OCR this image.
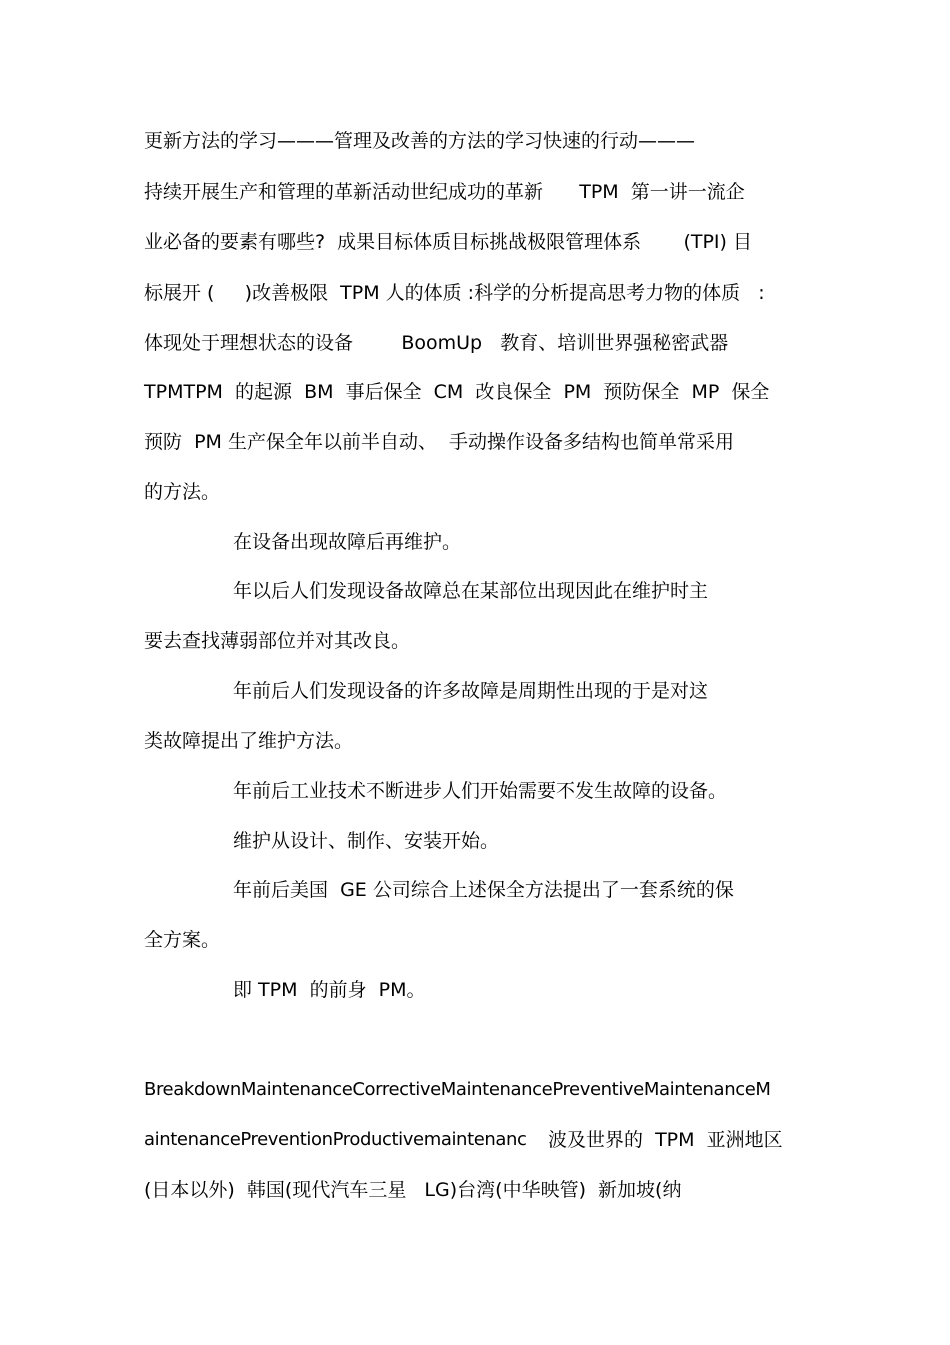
更新方法的学习———管理及改善的方法的学习快速的行动———
持续开展生产和管理的革新活动世纪成功的革新      TPM  第一讲一流企
业必备的要素有哪些?  成果目标体质目标挑战极限管理体系       (TPI) 目
标展开 (     )改善极限  TPM 人的体质 :科学的分析提高思考力物的体质   :
体现处于理想状态的设备        BoomUp   教育、培训世界强秘密武器
TPMTPM  的起源  BM  事后保全  CM  改良保全  PM  预防保全  MP  保全
预防  PM 生产保全年以前半自动、  手动操作设备多结构也简单常采用
的方法。
在设备出现故障后再维护。
年以后人们发现设备故障总在某部位出现因此在维护时主
要去查找薄弱部位并对其改良。
年前后人们发现设备的许多故障是周期性出现的于是对这
类故障提出了维护方法。
年前后工业技术不断进步人们开始需要不发生故障的设备。
维护从设计、制作、安装开始。
年前后美国  GE 公司综合上述保全方法提出了一套系统的保
全方案。
即 TPM  的前身  PM。
BreakdownMaintenanceCorrectiveMaintenancePreventiveMaintenanceM
aintenancePreventionProductivemaintenanc 波及世界的  TPM  亚洲地区
(日本以外)  韩国(现代汽车三星   LG)台湾(中华映管)  新加坡(纳
